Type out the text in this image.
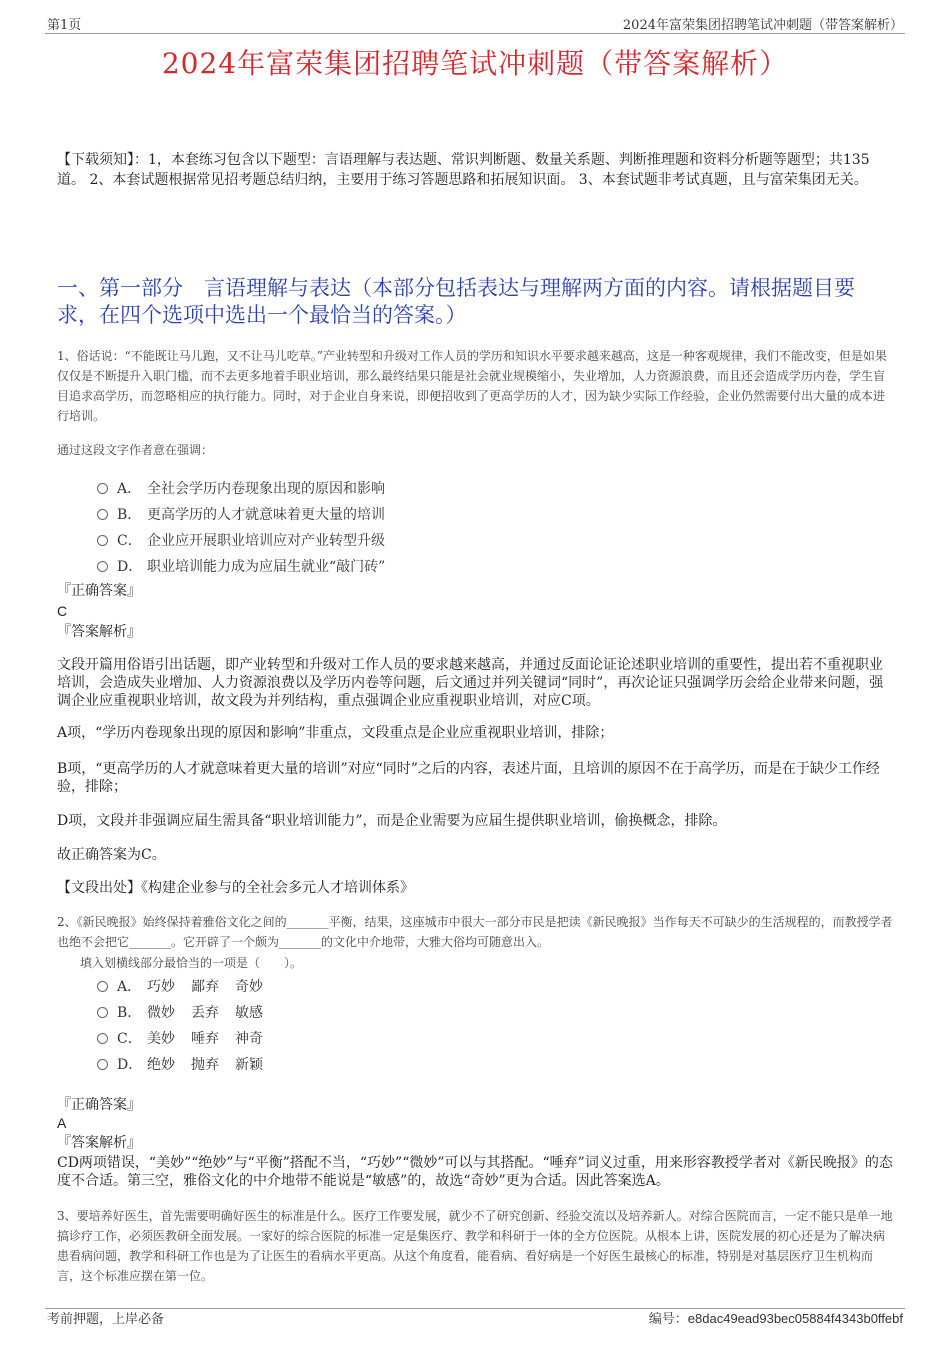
第1页	2024年富荣集团招聘笔试冲刺题（带答案解析）
2024年富荣集团招聘笔试冲刺题（带答案解析）
【下载须知】：1，本套练习包含以下题型：言语理解与表达题、常识判断题、数量关系题、判断推理题和资料分析题等题型；共135道。 2、本套试题根据常见招考题总结归纳，主要用于练习答题思路和拓展知识面。 3、本套试题非考试真题，且与富荣集团无关。
一、第一部分　言语理解与表达（本部分包括表达与理解两方面的内容。请根据题目要求，在四个选项中选出一个最恰当的答案。）
1、俗话说：“不能既让马儿跑，又不让马儿吃草。”产业转型和升级对工作人员的学历和知识水平要求越来越高，这是一种客观规律，我们不能改变，但是如果仅仅是不断提升入职门槛，而不去更多地着手职业培训，那么最终结果只能是社会就业规模缩小，失业增加，人力资源浪费，而且还会造成学历内卷，学生盲目追求高学历，而忽略相应的执行能力。同时，对于企业自身来说，即便招收到了更高学历的人才，因为缺少实际工作经验，企业仍然需要付出大量的成本进行培训。
通过这段文字作者意在强调：
A． 全社会学历内卷现象出现的原因和影响
B． 更高学历的人才就意味着更大量的培训
C． 企业应开展职业培训应对产业转型升级
D． 职业培训能力成为应届生就业“敲门砖”
『正确答案』
C
『答案解析』
文段开篇用俗语引出话题，即产业转型和升级对工作人员的要求越来越高，并通过反面论证论述职业培训的重要性，提出若不重视职业培训，会造成失业增加、人力资源浪费以及学历内卷等问题，后文通过并列关键词“同时”，再次论证只强调学历会给企业带来问题，强调企业应重视职业培训，故文段为并列结构，重点强调企业应重视职业培训，对应C项。
A项，“学历内卷现象出现的原因和影响”非重点，文段重点是企业应重视职业培训，排除；
B项，“更高学历的人才就意味着更大量的培训”对应“同时”之后的内容，表述片面，且培训的原因不在于高学历，而是在于缺少工作经验，排除；
D项，文段并非强调应届生需具备“职业培训能力”，而是企业需要为应届生提供职业培训，偷换概念，排除。
故正确答案为C。
【文段出处】《构建企业参与的全社会多元人才培训体系》
2、《新民晚报》始终保持着雅俗文化之间的_______平衡，结果，这座城市中很大一部分市民是把读《新民晚报》当作每天不可缺少的生活规程的，而教授学者也绝不会把它_______。它开辟了一个颇为_______的文化中介地带，大雅大俗均可随意出入。
填入划横线部分最恰当的一项是（　　）。
A． 巧妙 鄙弃 奇妙
B． 微妙 丢弃 敏感
C． 美妙 唾弃 神奇
D． 绝妙 抛弃 新颖
『正确答案』
A
『答案解析』
CD两项错误，“美妙”“绝妙”与“平衡”搭配不当，“巧妙”“微妙”可以与其搭配。“唾弃”词义过重，用来形容教授学者对《新民晚报》的态度不合适。第三空，雅俗文化的中介地带不能说是“敏感”的，故选“奇妙”更为合适。因此答案选A。
3、要培养好医生，首先需要明确好医生的标准是什么。医疗工作要发展，就少不了研究创新、经验交流以及培养新人。对综合医院而言，一定不能只是单一地搞诊疗工作，必须医教研全面发展。一家好的综合医院的标准一定是集医疗、教学和科研于一体的全方位医院。从根本上讲，医院发展的初心还是为了解决病患看病问题，教学和科研工作也是为了让医生的看病水平更高。从这个角度看，能看病、看好病是一个好医生最核心的标准，特别是对基层医疗卫生机构而言，这个标准应摆在第一位。
考前押题，上岸必备	编号：e8dac49ead93bec05884f4343b0ffebf
